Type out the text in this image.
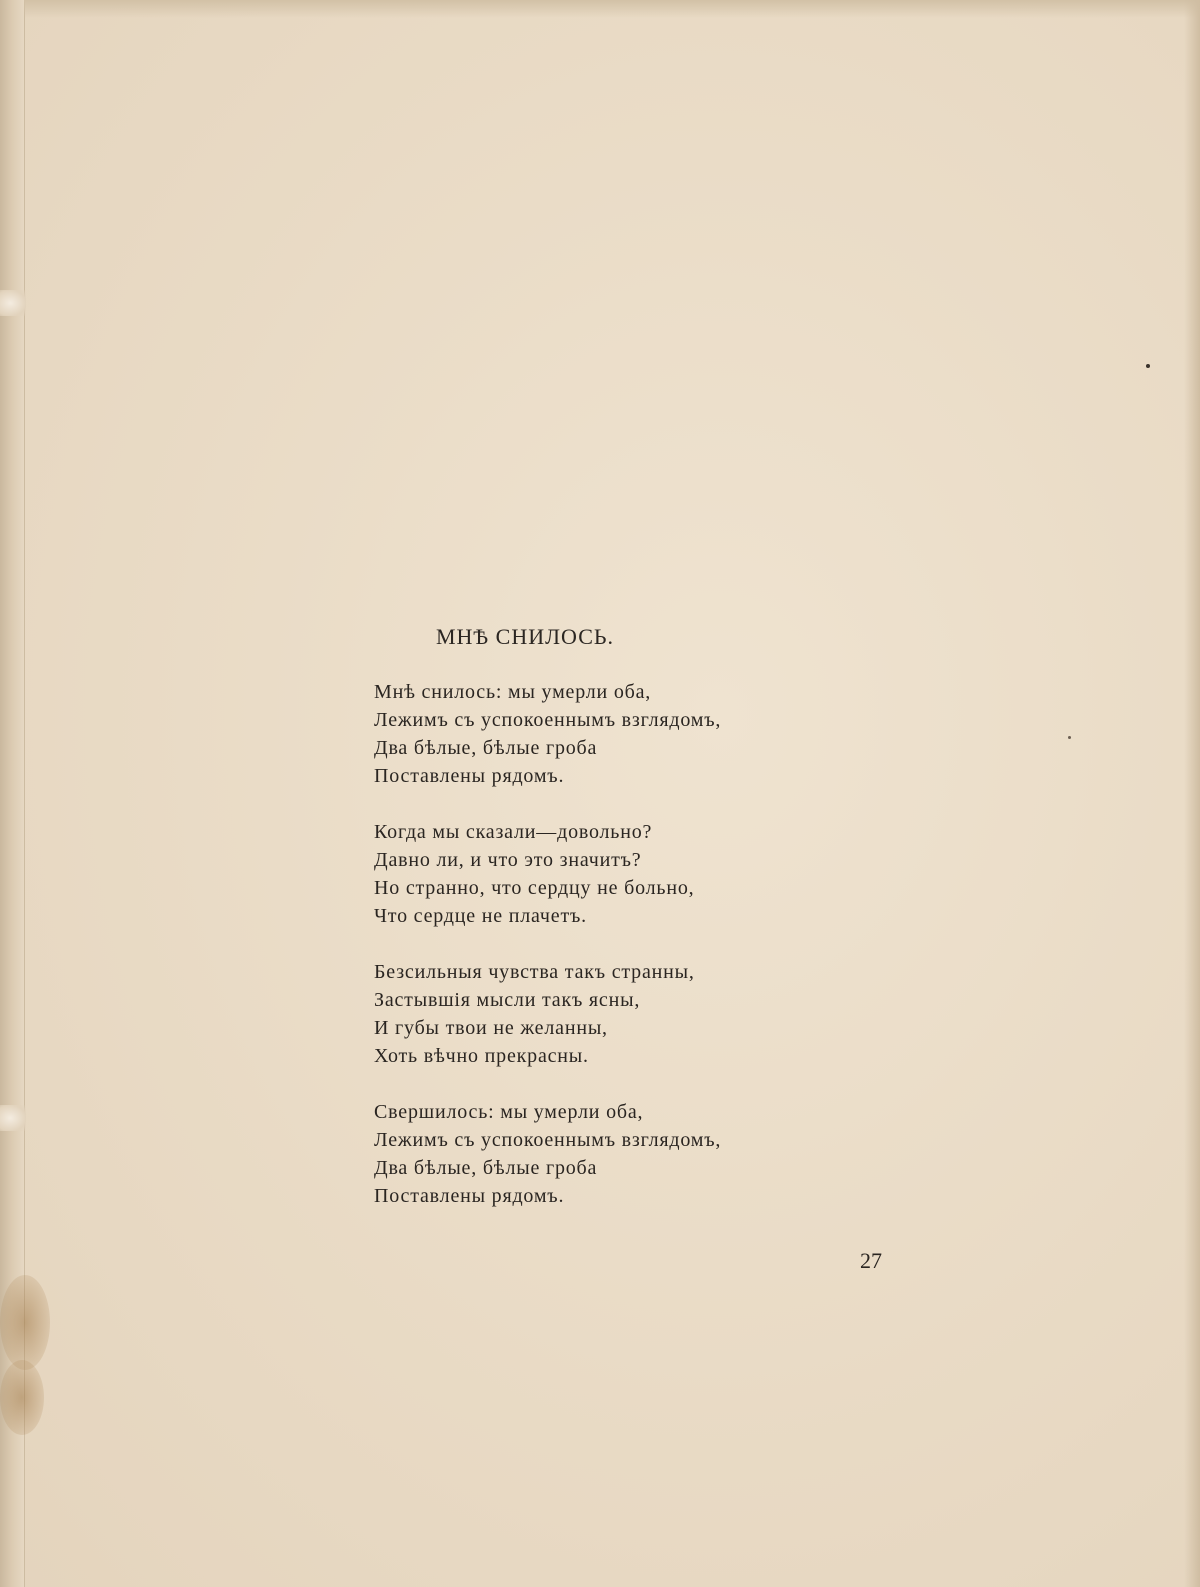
МНѢ СНИЛОСЬ.
Мнѣ снилось: мы умерли оба,
Лежимъ съ успокоеннымъ взглядомъ,
Два бѣлые, бѣлые гроба
Поставлены рядомъ.
Когда мы сказали—довольно?
Давно ли, и что это значитъ?
Но странно, что сердцу не больно,
Что сердце не плачетъ.
Безсильныя чувства такъ странны,
Застывшія мысли такъ ясны,
И губы твои не желанны,
Хоть вѣчно прекрасны.
Свершилось: мы умерли оба,
Лежимъ съ успокоеннымъ взглядомъ,
Два бѣлые, бѣлые гроба
Поставлены рядомъ.
27
